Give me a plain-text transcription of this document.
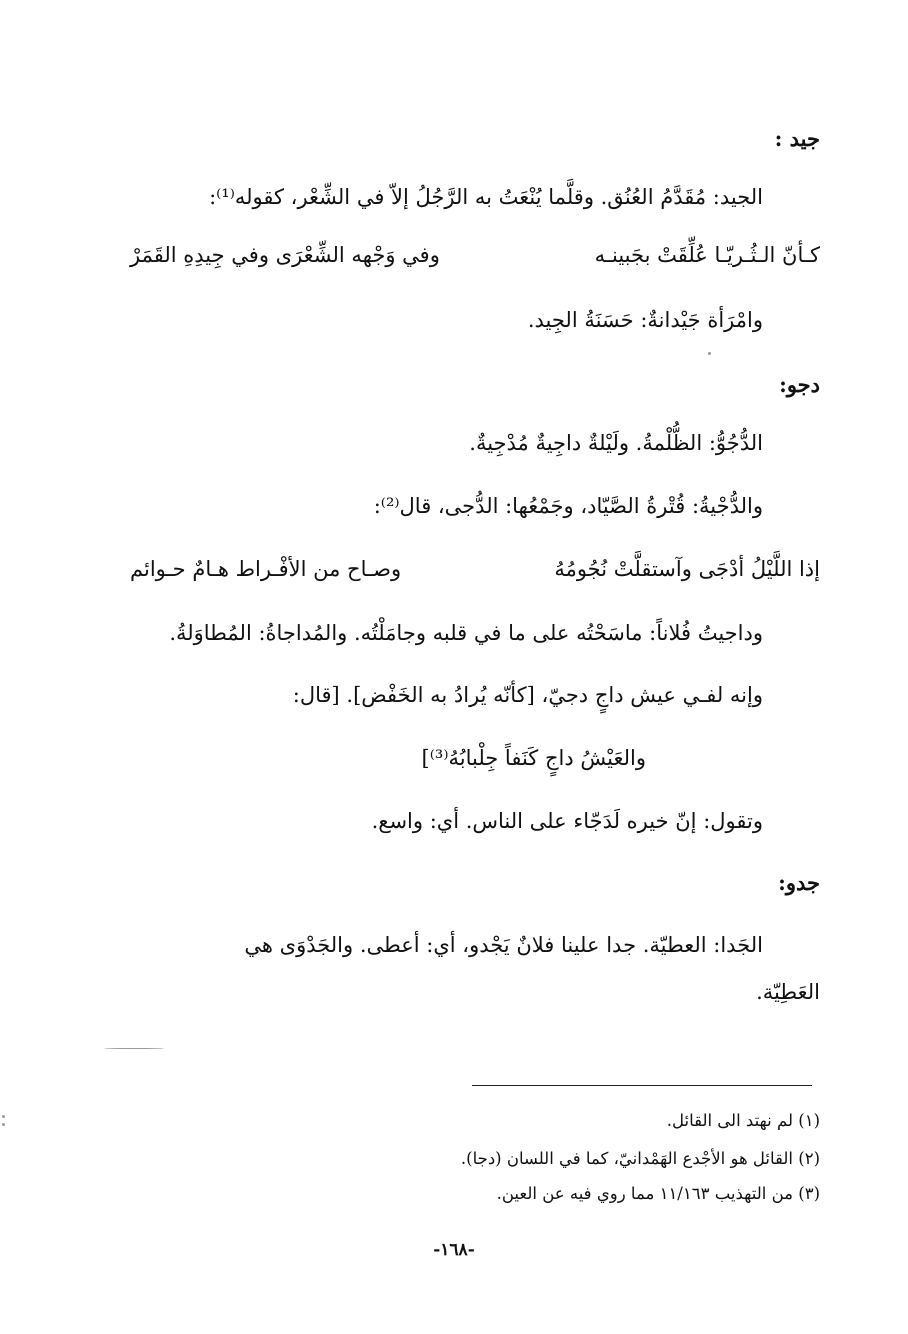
جيد :
الجيد: مُقَدَّمُ العُنُق. وقلَّما يُنْعَتُ به الرَّجُلُ إلاّ في الشِّعْر، كقوله⁽¹⁾:
كـأنّ الـثُـريّـا عُلِّقَتْ بجَبينـه
وفي وَجْهه الشِّعْرَى وفي جِيدِهِ القَمَرْ
وامْرَأة جَيْدانةٌ: حَسَنَةُ الجِيد.
دجو:
الدُّجُوُّ: الظُّلْمةُ. ولَيْلةٌ داجِيةٌ مُدْجِيةٌ.
والدُّجْيةُ: قُتْرةُ الصَّيّاد، وجَمْعُها: الدُّجى، قال⁽²⁾:
إذا اللَّيْلُ أدْجَى وآستقلَّتْ نُجُومُهُ
وصـاح من الأفْـراط هـامٌ حـوائم
وداجيتُ فُلاناً: ماسَحْتُه على ما في قلبه وجامَلْتُه. والمُداجاةُ: المُطاوَلةُ.
وإنه لفـي عيش داجٍ دجيّ، [كأنّه يُرادُ به الخَفْض]. [قال:
والعَيْشُ داجٍ كَنَفاً جِلْبابُهُ⁽³⁾]
وتقول: إنّ خيره لَدَجّاء على الناس. أي: واسع.
جدو:
الجَدا: العطيّة. جدا علينا فلانٌ يَجْدو، أي: أعطى. والجَدْوَى هي
العَطِيّة.
(١) لم نهتد الى القائل.
(٢) القائل هو الأجْدع الهَمْدانيّ، كما في اللسان (دجا).
(٣) من التهذيب ١١/١٦٣ مما روي فيه عن العين.
-١٦٨-
